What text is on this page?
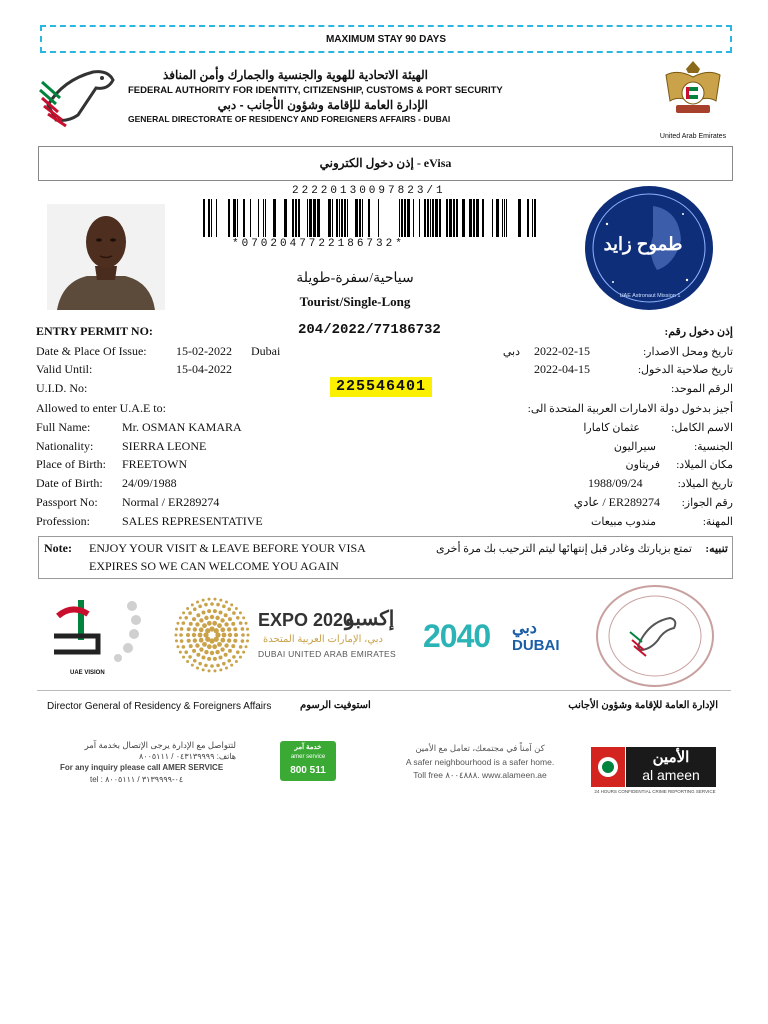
MAXIMUM STAY 90 DAYS
الهيئة الاتحادية للهوية والجنسية والجمارك وأمن المنافذ
FEDERAL AUTHORITY FOR IDENTITY, CITIZENSHIP, CUSTOMS & PORT SECURITY
الإدارة العامة للإقامة وشؤون الأجانب - دبي
GENERAL DIRECTORATE OF RESIDENCY AND FOREIGNERS AFFAIRS - DUBAI
United Arab Emirates
إذن دخول الكتروني - eVisa
22220130097823/1
*0702047722186732*
سياحية/سفرة-طويلة
Tourist/Single-Long
طموح زايد
UAE Astronaut Mission 1
ENTRY PERMIT NO:	204/2022/77186732	إذن دخول رقم:
Date & Place Of Issue: 15-02-2022 Dubai	دبي 2022-02-15	تاريخ ومحل الاصدار:
Valid Until:	15-04-2022	2022-04-15	تاريخ صلاحية الدخول:
U.I.D. No:	225546401	الرقم الموحد:
Allowed to enter U.A.E to:	أجيز بدخول دولة الامارات العربية المتحدة الى:
Full Name:	Mr. OSMAN KAMARA	عثمان كامارا	الاسم الكامل:
Nationality: SIERRA LEONE	سيراليون	الجنسية:
Place of Birth: FREETOWN	فريتاون مكان الميلاد:
Date of Birth: 24/09/1988	1988/09/24	تاريخ الميلاد:
Passport No: Normal / ER289274	ER289274 / عادي رقم الجواز:
Profession:	SALES REPRESENTATIVE	مندوب مبيعات	المهنة:
Note: ENJOY YOUR VISIT & LEAVE BEFORE YOUR VISA
EXPIRES SO WE CAN WELCOME YOU AGAIN
تمتع بزيارتك وغادر قبل إنتهائها ليتم الترحيب بك مرة أخرى تنبيه:
UAE VISION
EXPO 2020
إكسبو
دبي، الإمارات العربية المتحدة
DUBAI UNITED ARAB EMIRATES 2040 دبي
DUBAI
Director General of Residency & Foreigners Affairs	استوفيت الرسوم	الإدارة العامة للإقامة وشؤون الأجانب
لتتواصل مع الإدارة يرجى الإتصال بخدمة آمر
هاتف: ٠٤٣١٣٩٩٩٩ / ٨٠٠٥١١١
For any inquiry please call AMER SERVICE
tel : ٠٤-٣١٣٩٩٩٩ / ٨٠٠٥١١١
خدمة آمر
amer service
800 511
كن آمناً في مجتمعك، تعامل مع الأمين
A safer neighbourhood is a safer home.
Toll free ٨٠٠٤٨٨٨. www.alameen.ae
الأمين
al ameen
24 HOURS CONFIDENTIAL CRIME REPORTING SERVICE
